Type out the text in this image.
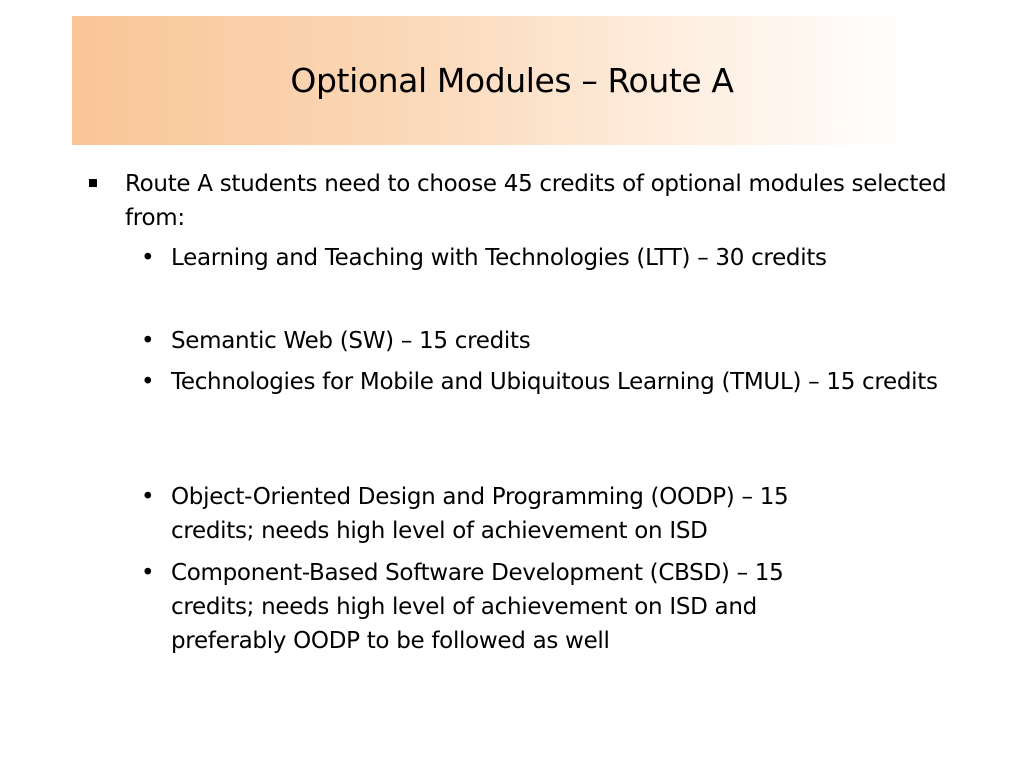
Optional Modules – Route A
Route A students need to choose 45 credits of optional modules selected from:
• Learning and Teaching with Technologies (LTT) – 30 credits
• Semantic Web (SW) – 15 credits
• Technologies for Mobile and Ubiquitous Learning (TMUL) – 15 credits
• Object-Oriented Design and Programming (OODP) – 15 credits; needs high level of achievement on ISD
• Component-Based Software Development (CBSD) – 15 credits; needs high level of achievement on ISD and preferably OODP to be followed as well
